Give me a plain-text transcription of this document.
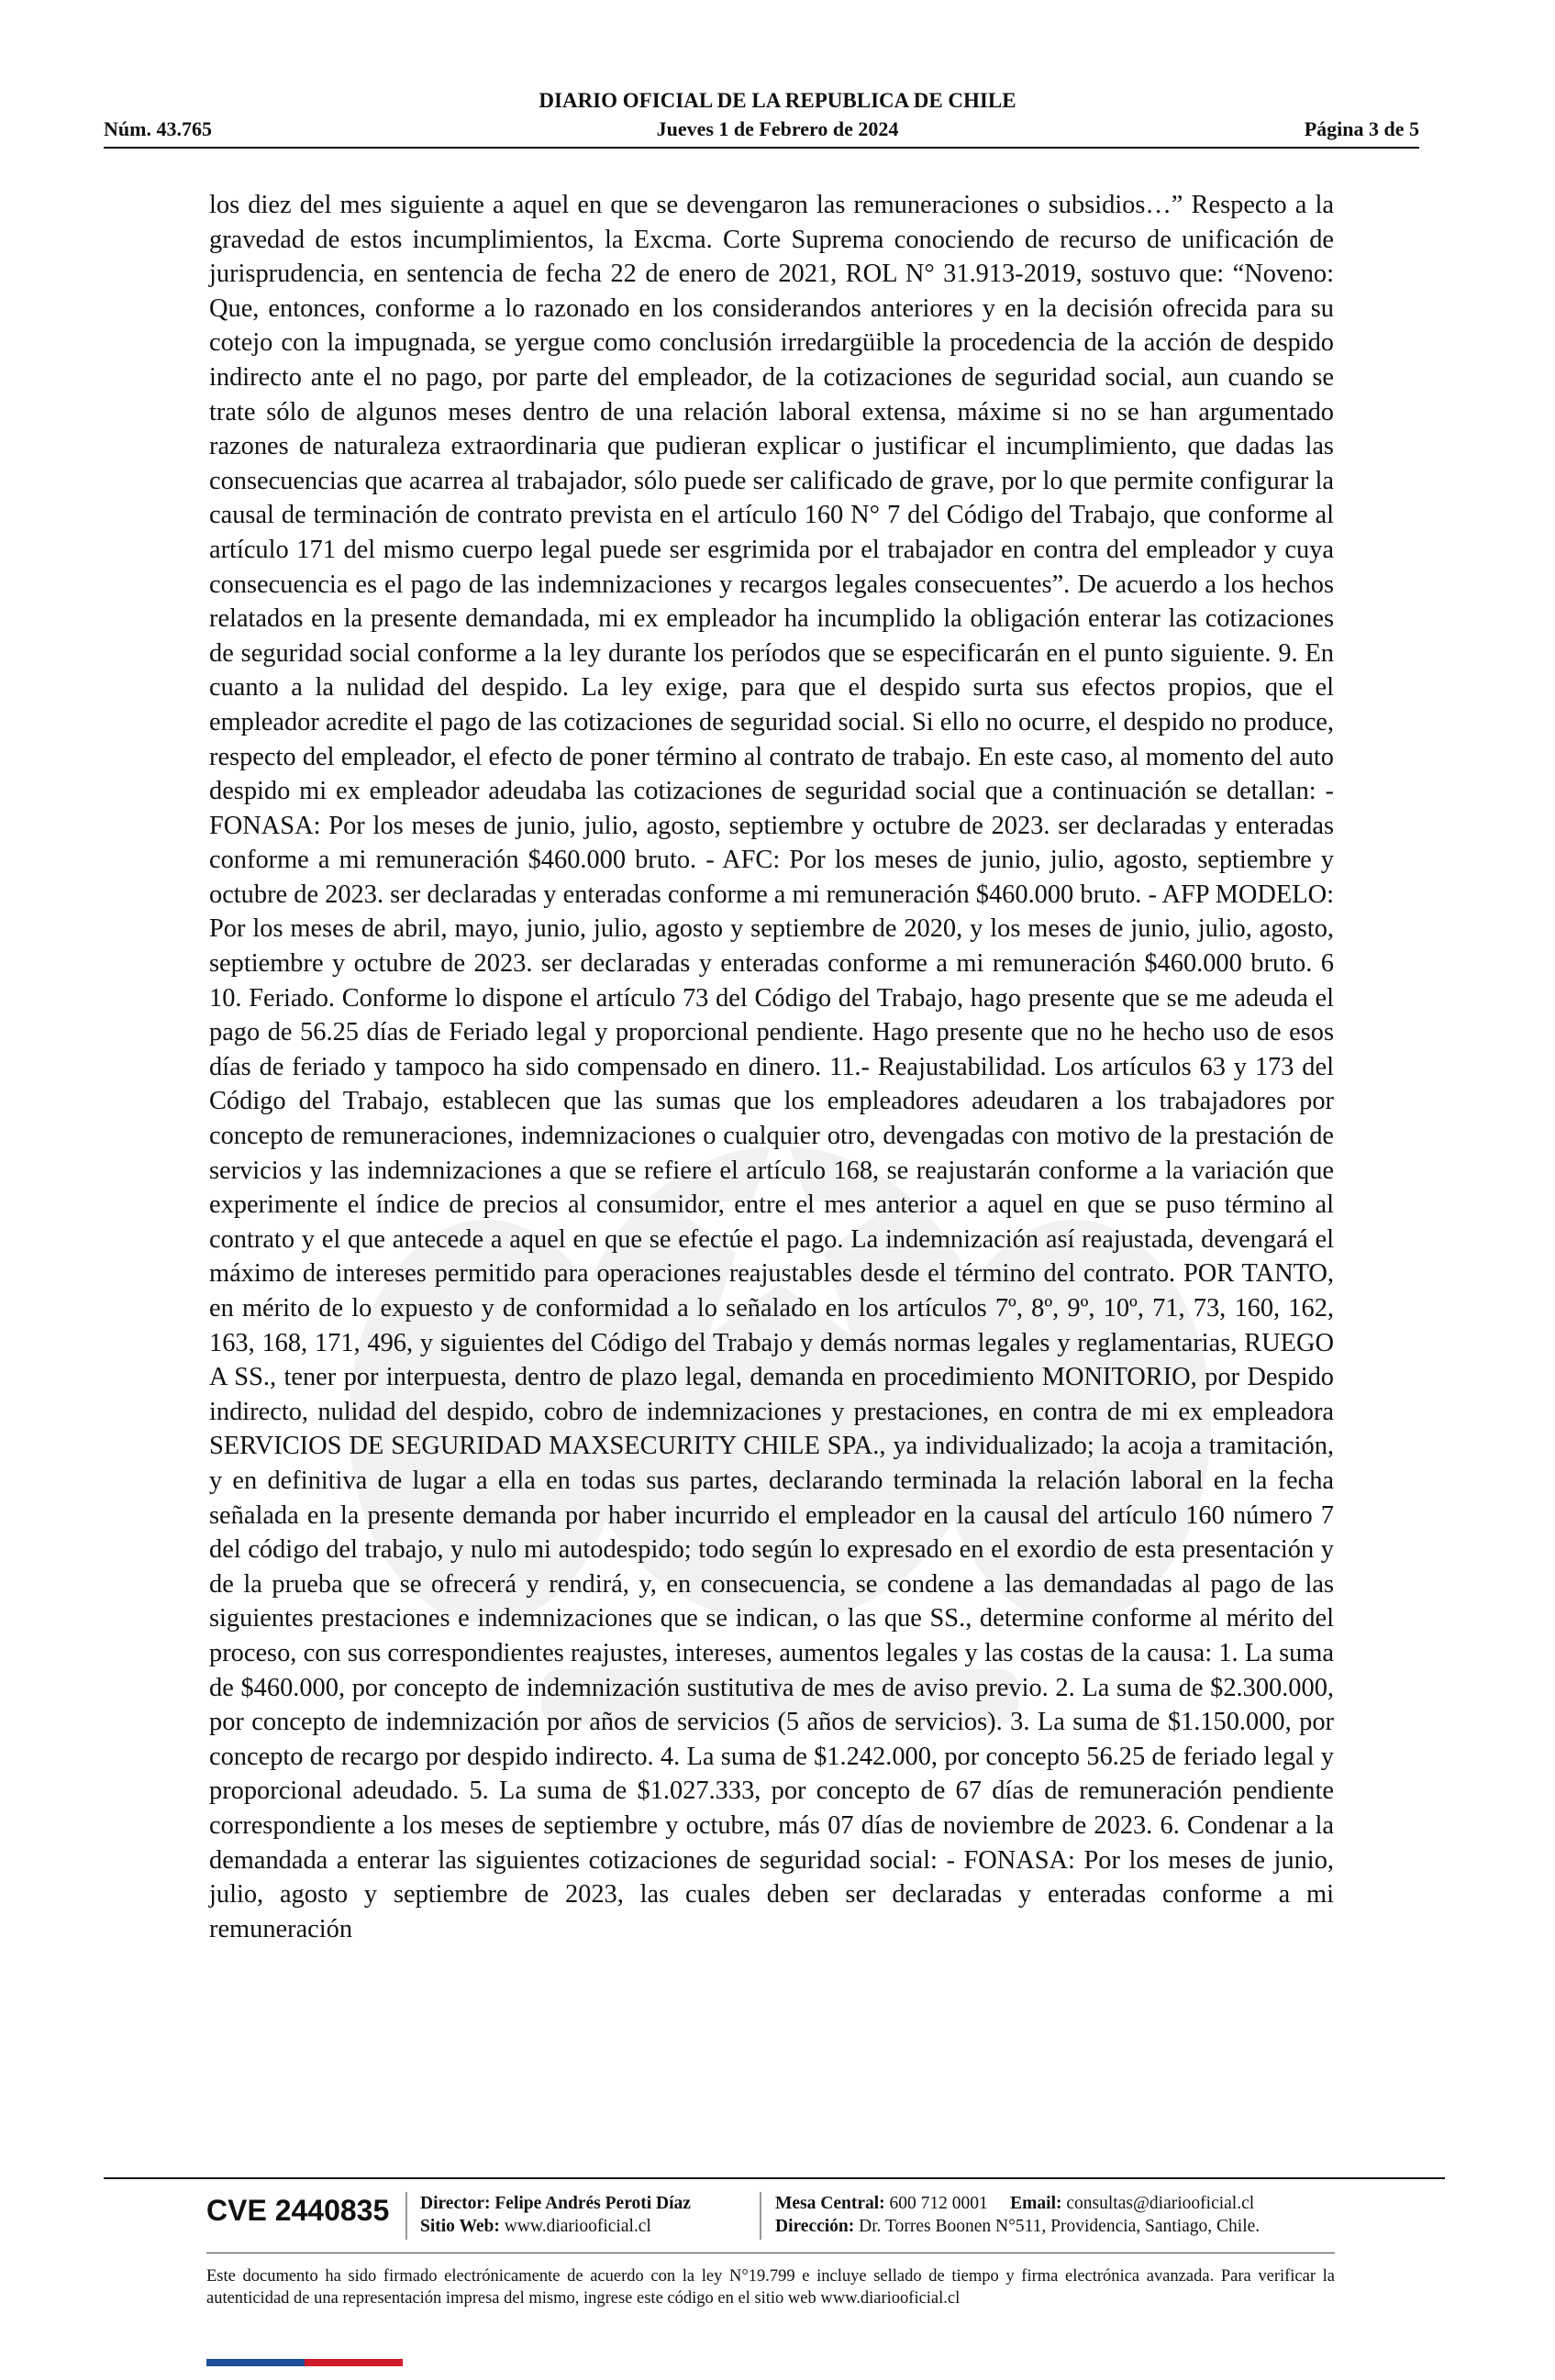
DIARIO OFICIAL DE LA REPUBLICA DE CHILE
Núm. 43.765	Jueves 1 de Febrero de 2024	Página 3 de 5

los diez del mes siguiente a aquel en que se devengaron las remuneraciones o subsidios…” Respecto a la gravedad de estos incumplimientos, la Excma. Corte Suprema conociendo de recurso de unificación de jurisprudencia, en sentencia de fecha 22 de enero de 2021, ROL N° 31.913-2019, sostuvo que: “Noveno: Que, entonces, conforme a lo razonado en los considerandos anteriores y en la decisión ofrecida para su cotejo con la impugnada, se yergue como conclusión irredargüible la procedencia de la acción de despido indirecto ante el no pago, por parte del empleador, de la cotizaciones de seguridad social, aun cuando se trate sólo de algunos meses dentro de una relación laboral extensa, máxime si no se han argumentado razones de naturaleza extraordinaria que pudieran explicar o justificar el incumplimiento, que dadas las consecuencias que acarrea al trabajador, sólo puede ser calificado de grave, por lo que permite configurar la causal de terminación de contrato prevista en el artículo 160 N° 7 del Código del Trabajo, que conforme al artículo 171 del mismo cuerpo legal puede ser esgrimida por el trabajador en contra del empleador y cuya consecuencia es el pago de las indemnizaciones y recargos legales consecuentes”. De acuerdo a los hechos relatados en la presente demandada, mi ex empleador ha incumplido la obligación enterar las cotizaciones de seguridad social conforme a la ley durante los períodos que se especificarán en el punto siguiente. 9. En cuanto a la nulidad del despido. La ley exige, para que el despido surta sus efectos propios, que el empleador acredite el pago de las cotizaciones de seguridad social. Si ello no ocurre, el despido no produce, respecto del empleador, el efecto de poner término al contrato de trabajo. En este caso, al momento del auto despido mi ex empleador adeudaba las cotizaciones de seguridad social que a continuación se detallan: - FONASA: Por los meses de junio, julio, agosto, septiembre y octubre de 2023. ser declaradas y enteradas conforme a mi remuneración $460.000 bruto. - AFC: Por los meses de junio, julio, agosto, septiembre y octubre de 2023. ser declaradas y enteradas conforme a mi remuneración $460.000 bruto. - AFP MODELO: Por los meses de abril, mayo, junio, julio, agosto y septiembre de 2020, y los meses de junio, julio, agosto, septiembre y octubre de 2023. ser declaradas y enteradas conforme a mi remuneración $460.000 bruto. 6 10. Feriado. Conforme lo dispone el artículo 73 del Código del Trabajo, hago presente que se me adeuda el pago de 56.25 días de Feriado legal y proporcional pendiente. Hago presente que no he hecho uso de esos días de feriado y tampoco ha sido compensado en dinero. 11.- Reajustabilidad. Los artículos 63 y 173 del Código del Trabajo, establecen que las sumas que los empleadores adeudaren a los trabajadores por concepto de remuneraciones, indemnizaciones o cualquier otro, devengadas con motivo de la prestación de servicios y las indemnizaciones a que se refiere el artículo 168, se reajustarán conforme a la variación que experimente el índice de precios al consumidor, entre el mes anterior a aquel en que se puso término al contrato y el que antecede a aquel en que se efectúe el pago. La indemnización así reajustada, devengará el máximo de intereses permitido para operaciones reajustables desde el término del contrato. POR TANTO, en mérito de lo expuesto y de conformidad a lo señalado en los artículos 7º, 8º, 9º, 10º, 71, 73, 160, 162, 163, 168, 171, 496, y siguientes del Código del Trabajo y demás normas legales y reglamentarias, RUEGO A SS., tener por interpuesta, dentro de plazo legal, demanda en procedimiento MONITORIO, por Despido indirecto, nulidad del despido, cobro de indemnizaciones y prestaciones, en contra de mi ex empleadora SERVICIOS DE SEGURIDAD MAXSECURITY CHILE SPA., ya individualizado; la acoja a tramitación, y en definitiva de lugar a ella en todas sus partes, declarando terminada la relación laboral en la fecha señalada en la presente demanda por haber incurrido el empleador en la causal del artículo 160 número 7 del código del trabajo, y nulo mi autodespido; todo según lo expresado en el exordio de esta presentación y de la prueba que se ofrecerá y rendirá, y, en consecuencia, se condene a las demandadas al pago de las siguientes prestaciones e indemnizaciones que se indican, o las que SS., determine conforme al mérito del proceso, con sus correspondientes reajustes, intereses, aumentos legales y las costas de la causa: 1. La suma de $460.000, por concepto de indemnización sustitutiva de mes de aviso previo. 2. La suma de $2.300.000, por concepto de indemnización por años de servicios (5 años de servicios). 3. La suma de $1.150.000, por concepto de recargo por despido indirecto. 4. La suma de $1.242.000, por concepto 56.25 de feriado legal y proporcional adeudado. 5. La suma de $1.027.333, por concepto de 67 días de remuneración pendiente correspondiente a los meses de septiembre y octubre, más 07 días de noviembre de 2023. 6. Condenar a la demandada a enterar las siguientes cotizaciones de seguridad social: - FONASA: Por los meses de junio, julio, agosto y septiembre de 2023, las cuales deben ser declaradas y enteradas conforme a mi remuneración

CVE 2440835 Director: Felipe Andrés Peroti Díaz
Sitio Web: www.diariooficial.cl
Mesa Central: 600 712 0001 Email: consultas@diariooficial.cl
Dirección: Dr. Torres Boonen N°511, Providencia, Santiago, Chile.
Este documento ha sido firmado electrónicamente de acuerdo con la ley N°19.799 e incluye sellado de tiempo y firma electrónica avanzada. Para verificar la autenticidad de una representación impresa del mismo, ingrese este código en el sitio web www.diariooficial.cl
